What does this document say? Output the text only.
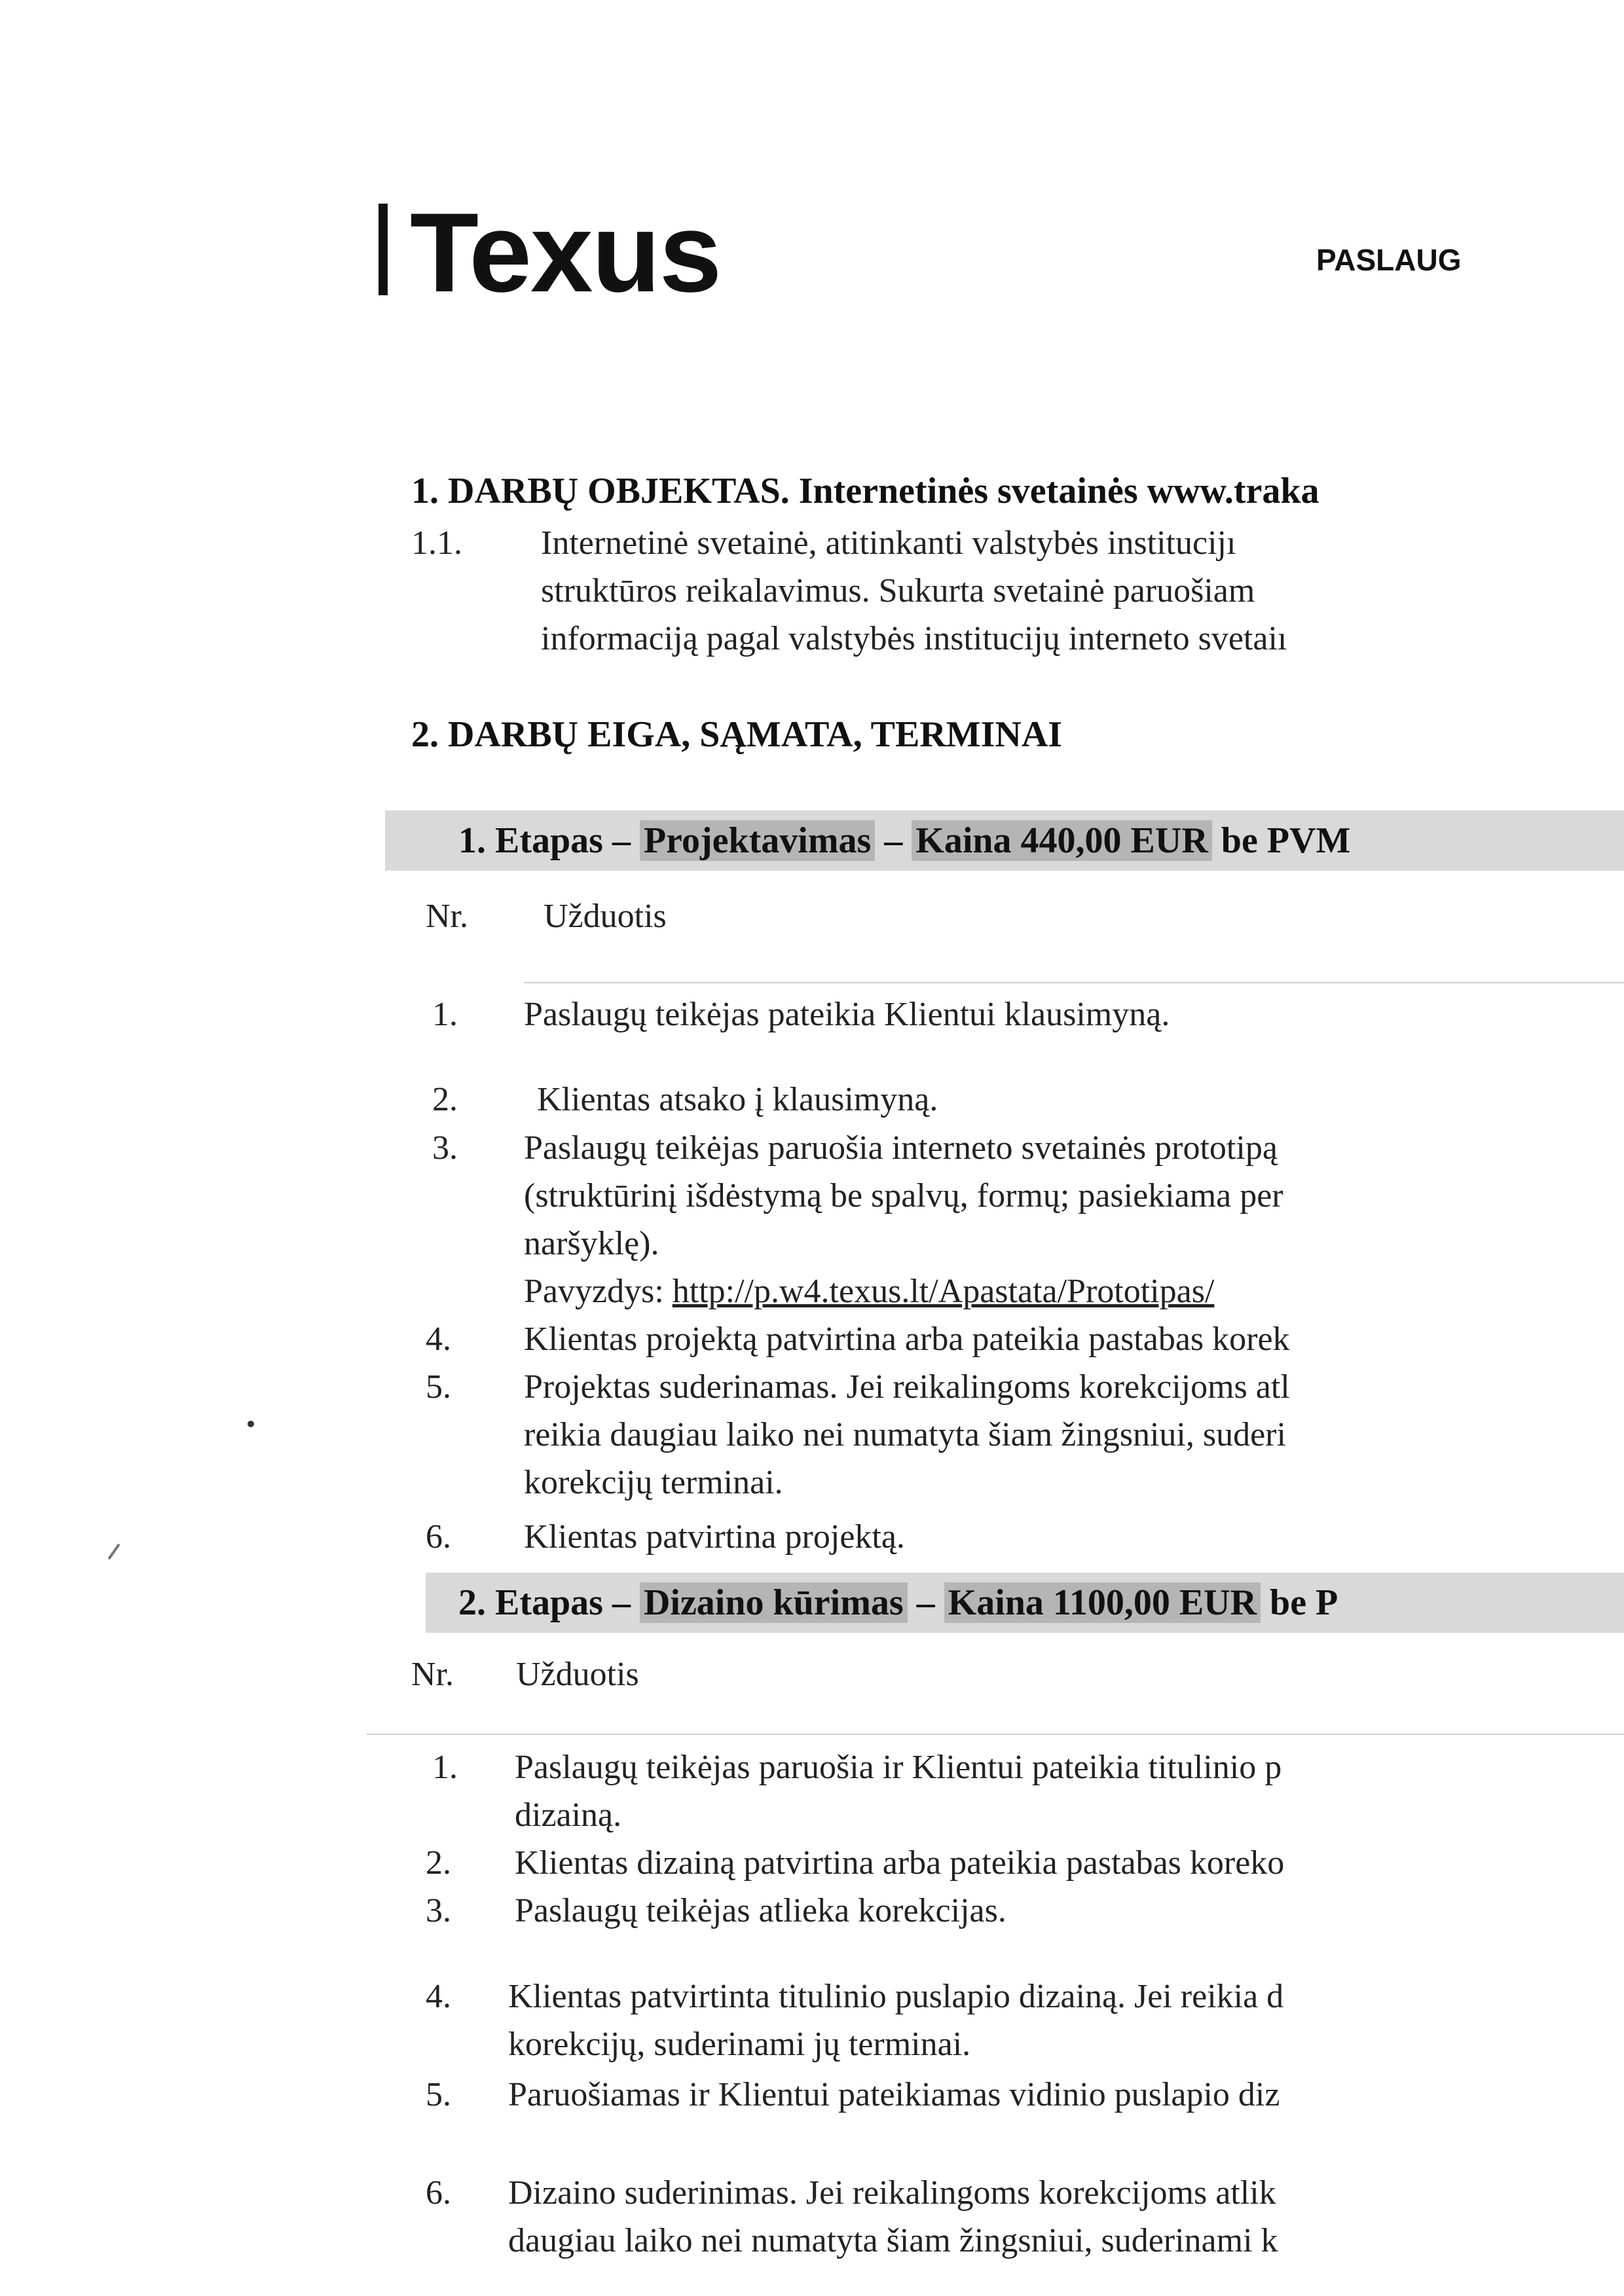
Texus	PASLAUG
1. DARBŲ OBJEKTAS. Internetinės svetainės www.traka
1.1. Internetinė svetainė, atitinkanti valstybės institucijı
struktūros reikalavimus. Sukurta svetainė paruošiam
informaciją pagal valstybės institucijų interneto svetaiı
2. DARBŲ EIGA, SĄMATA, TERMINAI
1. Etapas – Projektavimas – Kaina 440,00 EUR be PVM
Nr. Užduotis
1. Paslaugų teikėjas pateikia Klientui klausimyną.
2. Klientas atsako į klausimyną.
3. Paslaugų teikėjas paruošia interneto svetainės prototipą
(struktūrinį išdėstymą be spalvų, formų; pasiekiama per
naršyklę).
Pavyzdys: http://p.w4.texus.lt/Apastata/Prototipas/
4. Klientas projektą patvirtina arba pateikia pastabas korek
5. Projektas suderinamas. Jei reikalingoms korekcijoms atl
reikia daugiau laiko nei numatyta šiam žingsniui, suderi
korekcijų terminai.
6. Klientas patvirtina projektą.
2. Etapas – Dizaino kūrimas – Kaina 1100,00 EUR be P
Nr. Užduotis
1. Paslaugų teikėjas paruošia ir Klientui pateikia titulinio p
dizainą.
2. Klientas dizainą patvirtina arba pateikia pastabas koreko
3. Paslaugų teikėjas atlieka korekcijas.
4. Klientas patvirtinta titulinio puslapio dizainą. Jei reikia d
korekcijų, suderinami jų terminai.
5. Paruošiamas ir Klientui pateikiamas vidinio puslapio diz
6. Dizaino suderinimas. Jei reikalingoms korekcijoms atlik
daugiau laiko nei numatyta šiam žingsniui, suderinami k
